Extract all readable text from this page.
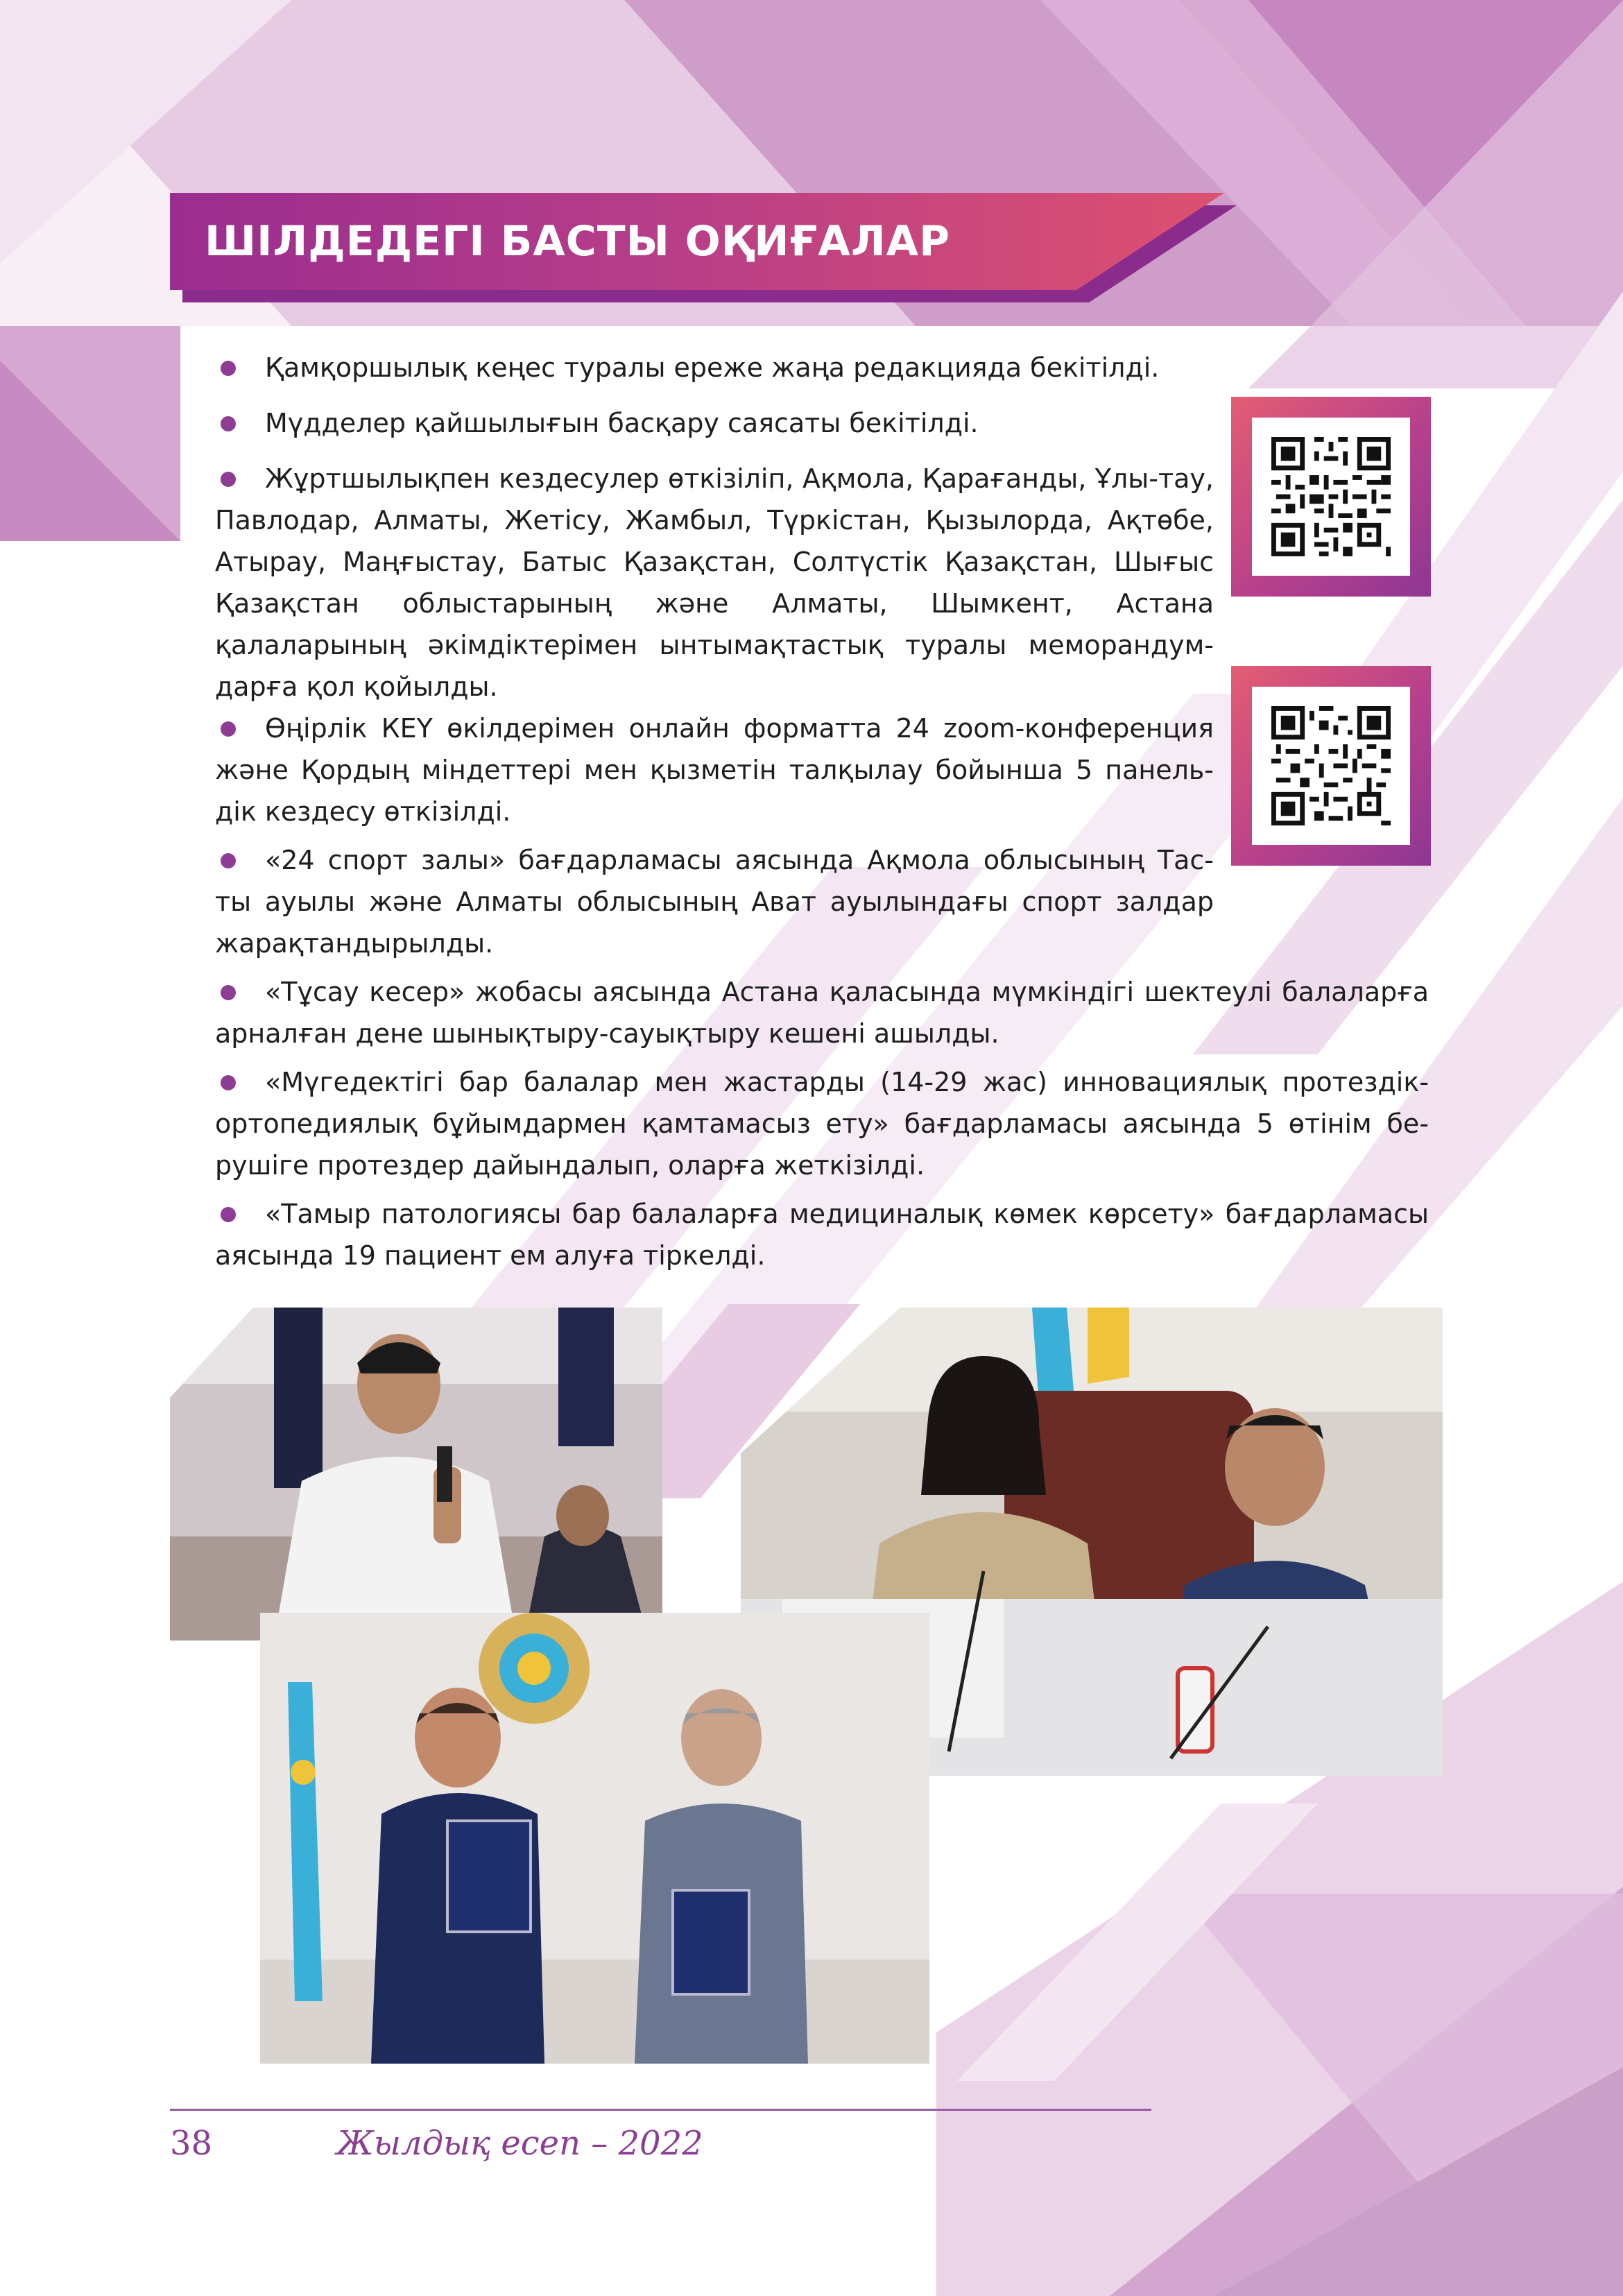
ШІЛДЕДЕГІ БАСТЫ ОҚИҒАЛАР
Қамқоршылық кеңес туралы ереже жаңа редакцияда бекітілді.
Мүдделер қайшылығын басқару саясаты бекітілді.
Жұртшылықпен кездесулер өткізіліп, Ақмола, Қарағанды, Ұлы-тау, Павлодар, Алматы, Жетісу, Жамбыл, Түркістан, Қызылорда, Ақтөбе, Атырау, Маңғыстау, Батыс Қазақстан, Солтүстік Қазақстан, Шығыс Қазақстан облыстарының және Алматы, Шымкент, Астана қалаларының әкімдіктерімен ынтымақтастық туралы меморандум-дарға қол қойылды.
Өңірлік КЕҮ өкілдерімен онлайн форматта 24 zoom-конференция және Қордың міндеттері мен қызметін талқылау бойынша 5 панель-дік кездесу өткізілді.
«24 спорт залы» бағдарламасы аясында Ақмола облысының Тас-ты ауылы және Алматы облысының Ават ауылындағы спорт залдар жарақтандырылды.
«Тұсау кесер» жобасы аясында Астана қаласында мүмкіндігі шектеулі балаларға арналған дене шынықтыру-сауықтыру кешені ашылды.
«Мүгедектігі бар балалар мен жастарды (14-29 жас) инновациялық протездік-ортопедиялық бұйымдармен қамтамасыз ету» бағдарламасы аясында 5 өтінім бе-рушіге протездер дайындалып, оларға жеткізілді.
«Тамыр патологиясы бар балаларға медициналық көмек көрсету» бағдарламасы аясында 19 пациент ем алуға тіркелді.
38	Жылдық есеп – 2022
